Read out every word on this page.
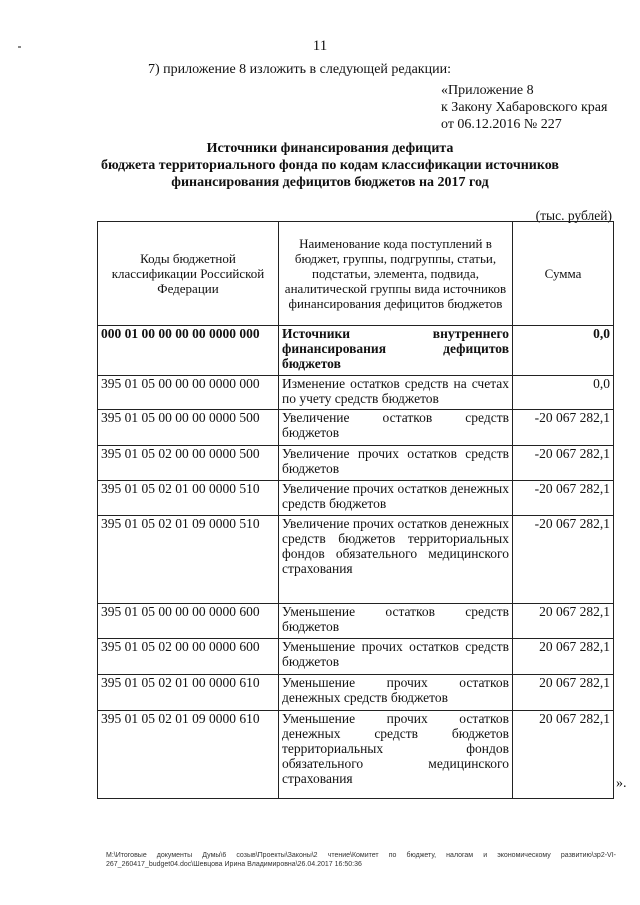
11
7) приложение 8 изложить в следующей редакции:
«Приложение 8
к Закону Хабаровского края
от 06.12.2016 № 227
Источники финансирования дефицита
бюджета территориального фонда по кодам классификации источников
финансирования дефицитов бюджетов на 2017 год
(тыс. рублей)
Коды бюджетной классификации Российской Федерации	Наименование кода поступлений в бюджет, группы, подгруппы, статьи, подстатьи, элемента, подвида, аналитической группы вида источников финансирования дефицитов бюджетов	Сумма
000 01 00 00 00 00 0000 000	Источники внутреннего финансирования дефицитов бюджетов	0,0
395 01 05 00 00 00 0000 000	Изменение остатков средств на счетах по учету средств бюджетов	0,0
395 01 05 00 00 00 0000 500	Увеличение остатков средств бюджетов	-20 067 282,1
395 01 05 02 00 00 0000 500	Увеличение прочих остатков средств бюджетов	-20 067 282,1
395 01 05 02 01 00 0000 510	Увеличение прочих остатков денежных средств бюджетов	-20 067 282,1
395 01 05 02 01 09 0000 510	Увеличение прочих остатков денежных средств бюджетов территориальных фондов обязательного медицинского страхования	-20 067 282,1
395 01 05 00 00 00 0000 600	Уменьшение остатков средств бюджетов	20 067 282,1
395 01 05 02 00 00 0000 600	Уменьшение прочих остатков средств бюджетов	20 067 282,1
395 01 05 02 01 00 0000 610	Уменьшение прочих остатков денежных средств бюджетов	20 067 282,1
395 01 05 02 01 09 0000 610	Уменьшение прочих остатков денежных средств бюджетов территориальных фондов обязательного медицинского страхования	20 067 282,1
».
M:\Итоговые документы Думы\6 созыв\Проекты\Законы\2 чтение\Комитет по бюджету, налогам и экономическому развитию\зр2-VI-267_260417_budget04.doc\Шевцова Ирина Владимировна\26.04.2017 16:50:36
